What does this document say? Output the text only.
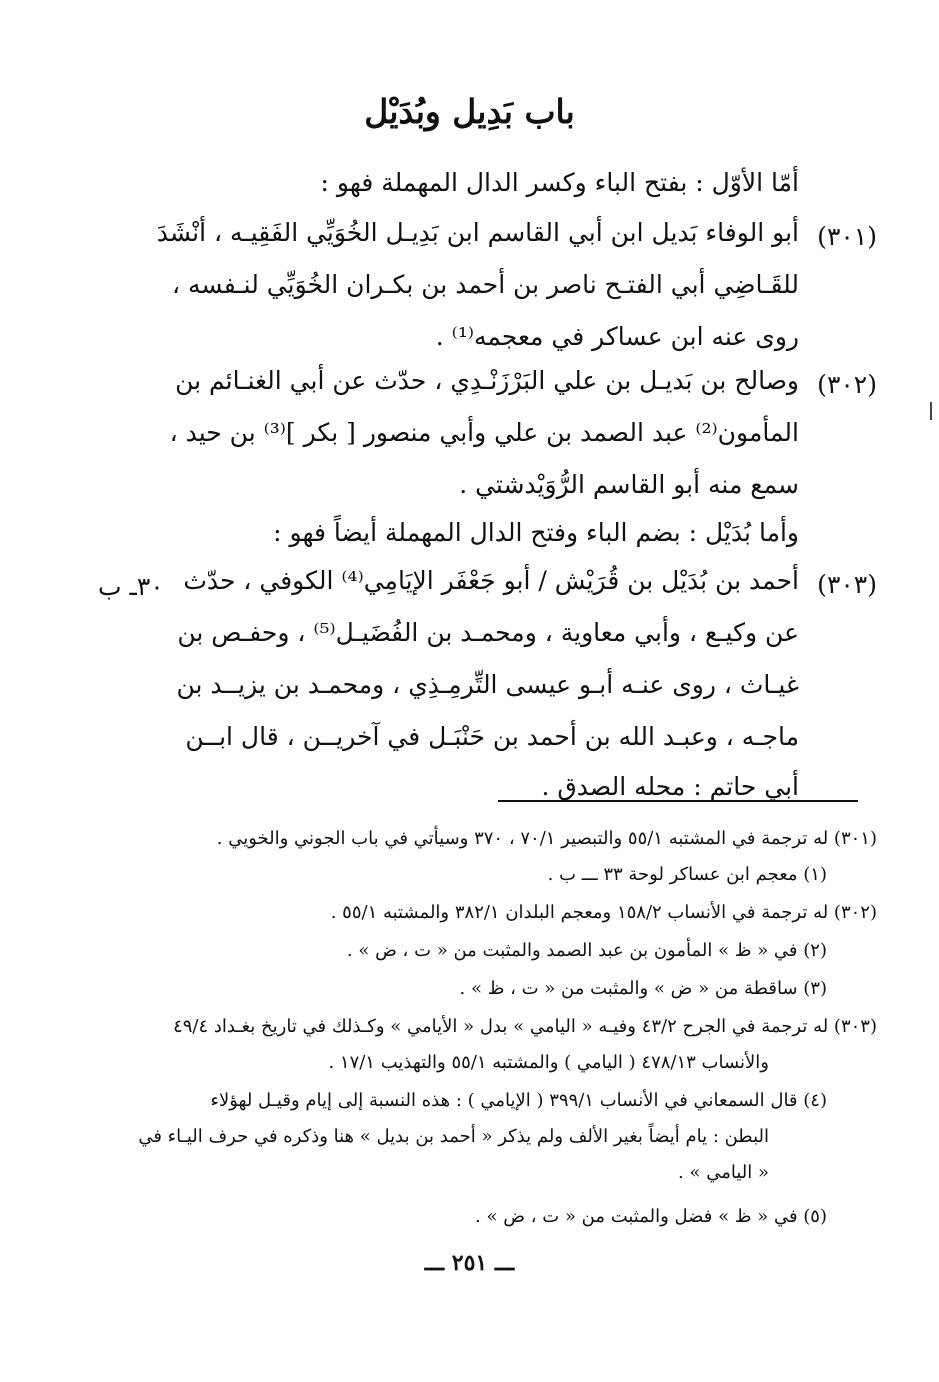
باب بَدِيل وبُدَيْل
أمّا الأوّل : بفتح الباء وكسر الدال المهملة فهو :
(٣٠١)
أبو الوفاء بَديل ابن أبي القاسم ابن بَدِيـل الخُوَيِّي الفَقِيـه ، أنْشَدَ
للقَـاضِي أبي الفتـح ناصر بن أحمد بن بكـران الخُوَيِّي لنـفسه ،
روى عنه ابن عساكر في معجمه⁽¹⁾ .
(٣٠٢)
وصالح بن بَديـل بن علي البَرْزَنْـدِي ، حدّث عن أبي الغنـائم بن
المأمون⁽²⁾ عبد الصمد بن علي وأبي منصور [ بكر ]⁽³⁾ بن حيد ،
سمع منه أبو القاسم الرُّوَيْدشتي .
وأما بُدَيْل : بضم الباء وفتح الدال المهملة أيضاً فهو :
(٣٠٣)
أحمد بن بُدَيْل بن قُرَيْش / أبو جَعْفَر الإيَامِي⁽⁴⁾ الكوفي ، حدّث
عن وكيـع ، وأبي معاوية ، ومحمـد بن الفُضَيـل⁽⁵⁾ ، وحفـص بن
غيـاث ، روى عنـه أبـو عيسى التِّرمِـذِي ، ومحمـد بن يزيــد بن
ماجـه ، وعبـد الله بن أحمد بن حَنْبَـل في آخريــن ، قال ابــن
أبي حاتم : محله الصدق .
٣٠ـ ب
(٣٠١) له ترجمة في المشتبه ٥٥/١ والتبصير ٧٠/١ ، ٣٧٠ وسيأتي في باب الجوني والخويي .
(١) معجم ابن عساكر لوحة ٣٣ ـــ ب .
(٣٠٢) له ترجمة في الأنساب ١٥٨/٢ ومعجم البلدان ٣٨٢/١ والمشتبه ٥٥/١ .
(٢) في « ظ » المأمون بن عبد الصمد والمثبت من « ت ، ض » .
(٣) ساقطة من « ض » والمثبت من « ت ، ظ » .
(٣٠٣) له ترجمة في الجرح ٤٣/٢ وفيـه « اليامي » بدل « الأيامي » وكـذلك في تاريخ بغـداد ٤٩/٤
والأنساب ٤٧٨/١٣ ( اليامي ) والمشتبه ٥٥/١ والتهذيب ١٧/١ .
(٤) قال السمعاني في الأنساب ٣٩٩/١ ( الإيامي ) : هذه النسبة إلى إيام وقيـل لهؤلاء
البطن : يام أيضاً بغير الألف ولم يذكر « أحمد بن بديل » هنا وذكره في حرف اليـاء في
« اليامي » .
(٥) في « ظ » فضل والمثبت من « ت ، ض » .
ـــ ٢٥١ ـــ
